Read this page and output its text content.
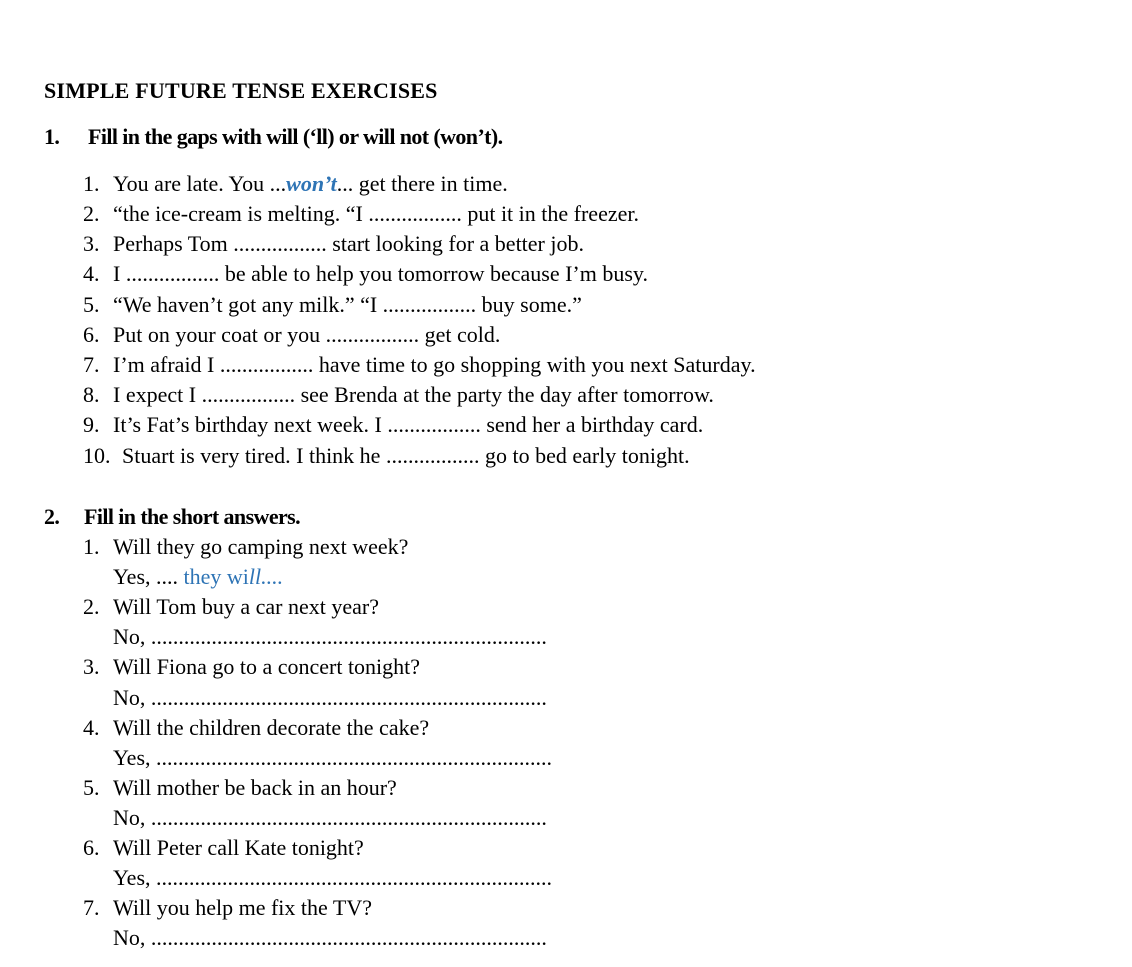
SIMPLE FUTURE TENSE EXERCISES

1. Fill in the gaps with will (‘ll) or will not (won’t).

1. You are late. You ...won’t... get there in time.

2. “the ice-cream is melting. “I ................. put it in the freezer.

3. Perhaps Tom ................. start looking for a better job.

4. I ................. be able to help you tomorrow because I’m busy.

5. “We haven’t got any milk.” “I ................. buy some.”

6. Put on your coat or you ................. get cold.

7. I’m afraid I ................. have time to go shopping with you next Saturday.

8. I expect I ................. see Brenda at the party the day after tomorrow.

9. It’s Fat’s birthday next week. I ................. send her a birthday card.

10. Stuart is very tired. I think he ................. go to bed early tonight.

2. Fill in the short answers.

1. Will they go camping next week?

Yes, .... they will....

2. Will Tom buy a car next year?

No, ........................................................................

3. Will Fiona go to a concert tonight?

No, ........................................................................

4. Will the children decorate the cake?

Yes, ........................................................................

5. Will mother be back in an hour?

No, ........................................................................

6. Will Peter call Kate tonight?

Yes, ........................................................................

7. Will you help me fix the TV?

No, ........................................................................
